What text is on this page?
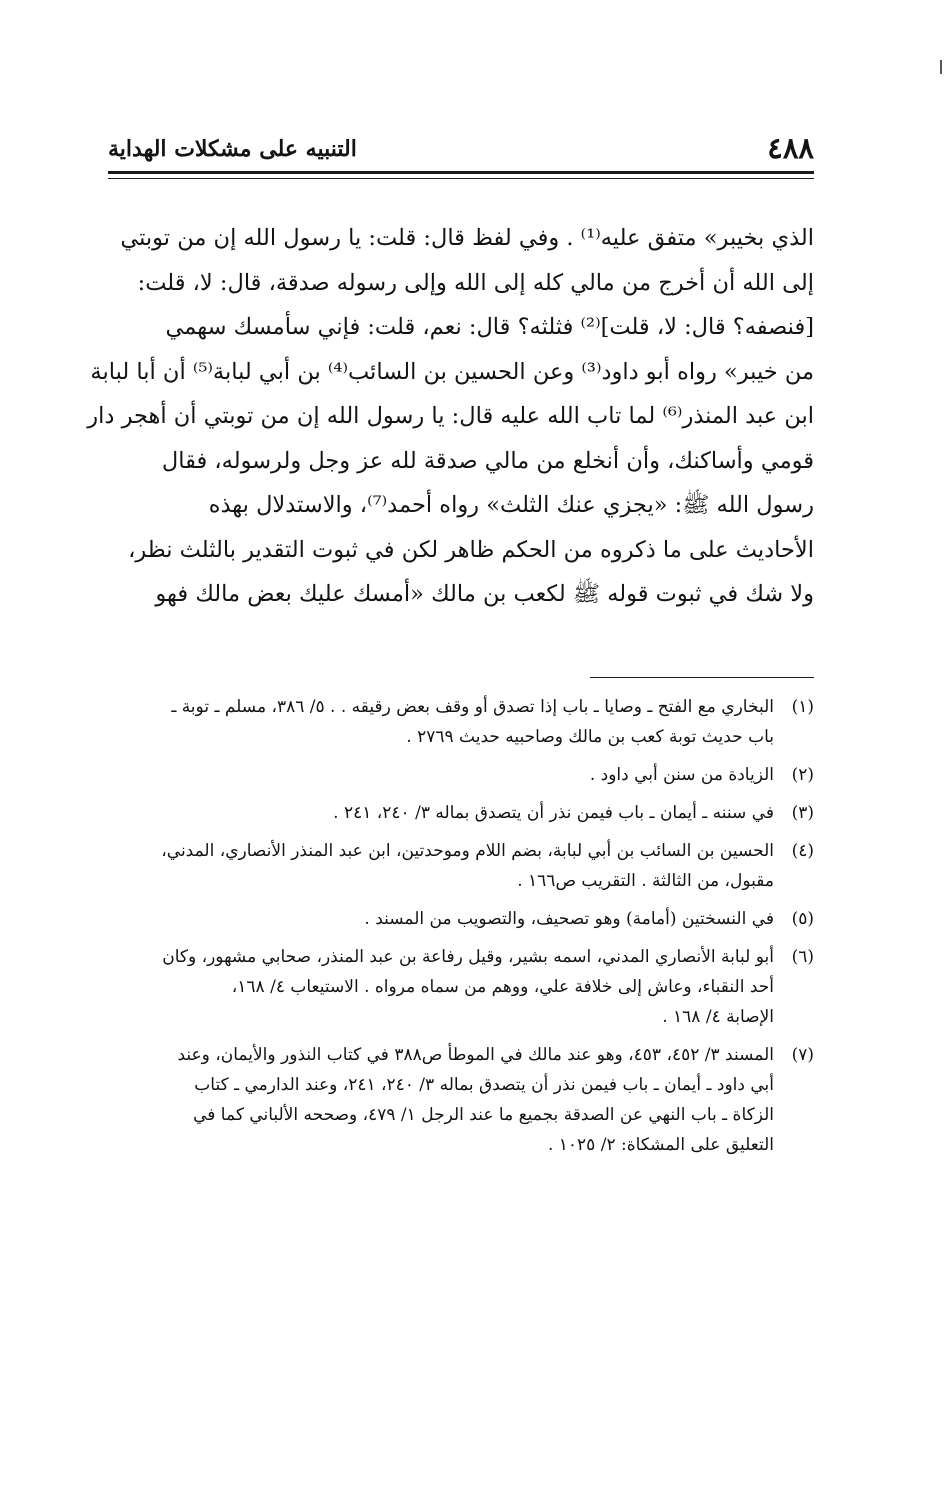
٤٨٨
التنبيه على مشكلات الهداية
الذي بخيبر» متفق عليه⁽¹⁾ . وفي لفظ قال: قلت: يا رسول الله إن من توبتي
إلى الله أن أخرج من مالي كله إلى الله وإلى رسوله صدقة، قال: لا، قلت:
[فنصفه؟ قال: لا، قلت]⁽²⁾ فثلثه؟ قال: نعم، قلت: فإني سأمسك سهمي
من خيبر» رواه أبو داود⁽³⁾ وعن الحسين بن السائب⁽⁴⁾ بن أبي لبابة⁽⁵⁾ أن أبا لبابة
ابن عبد المنذر⁽⁶⁾ لما تاب الله عليه قال: يا رسول الله إن من توبتي أن أهجر دار
قومي وأساكنك، وأن أنخلع من مالي صدقة لله عز وجل ولرسوله، فقال
رسول الله ﷺ: «يجزي عنك الثلث» رواه أحمد⁽⁷⁾، والاستدلال بهذه
الأحاديث على ما ذكروه من الحكم ظاهر لكن في ثبوت التقدير بالثلث نظر،
ولا شك في ثبوت قوله ﷺ لكعب بن مالك «أمسك عليك بعض مالك فهو
(١)
البخاري مع الفتح ـ وصايا ـ باب إذا تصدق أو وقف بعض رقيقه . . ٥/ ٣٨٦، مسلم ـ توبة ـ
باب حديث توبة كعب بن مالك وصاحبيه حديث ٢٧٦٩ .
(٢)
الزيادة من سنن أبي داود .
(٣)
في سننه ـ أيمان ـ باب فيمن نذر أن يتصدق بماله ٣/ ٢٤٠، ٢٤١ .
(٤)
الحسين بن السائب بن أبي لبابة، بضم اللام وموحدتين، ابن عبد المنذر الأنصاري، المدني،
مقبول، من الثالثة . التقريب ص١٦٦ .
(٥)
في النسختين (أمامة) وهو تصحيف، والتصويب من المسند .
(٦)
أبو لبابة الأنصاري المدني، اسمه بشير، وقيل رفاعة بن عبد المنذر، صحابي مشهور، وكان
أحد النقباء، وعاش إلى خلافة علي، ووهم من سماه مرواه . الاستيعاب ٤/ ١٦٨،
الإصابة ٤/ ١٦٨ .
(٧)
المسند ٣/ ٤٥٢، ٤٥٣، وهو عند مالك في الموطأ ص٣٨٨ في كتاب النذور والأيمان، وعند
أبي داود ـ أيمان ـ باب فيمن نذر أن يتصدق بماله ٣/ ٢٤٠، ٢٤١، وعند الدارمي ـ كتاب
الزكاة ـ باب النهي عن الصدقة بجميع ما عند الرجل ١/ ٤٧٩، وصححه الألباني كما في
التعليق على المشكاة: ٢/ ١٠٢٥ .
